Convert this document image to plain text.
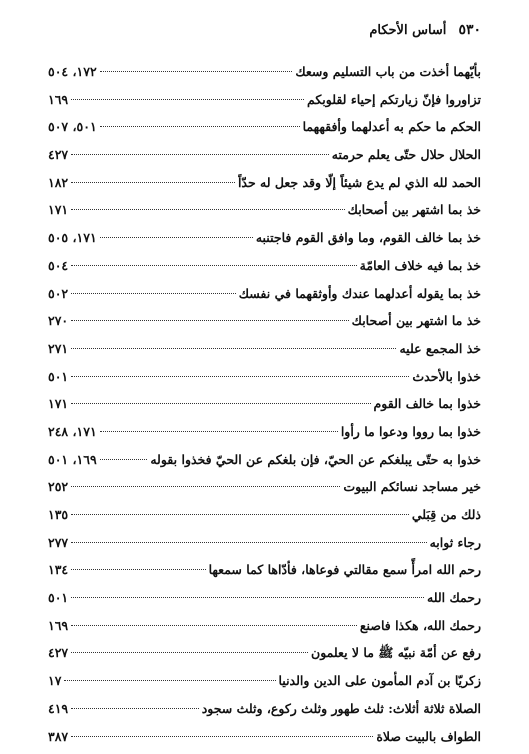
٥٣٠
أساس الأحكام
بأيّهما أخذت من باب التسليم وسعك
١٧٢، ٥٠٤
تزاوروا فإنّ زيارتكم إحياء لقلوبكم
١٦٩
الحكم ما حكم به أعدلهما وأفقههما
٥٠١، ٥٠٧
الحلال حلال حتّى يعلم حرمته
٤٢٧
الحمد لله الذي لم يدع شيئاً إلّا وقد جعل له حدّاً
١٨٢
خذ بما اشتهر بين أصحابك
١٧١
خذ بما خالف القوم، وما وافق القوم فاجتنبه
١٧١، ٥٠٥
خذ بما فيه خلاف العامّة
٥٠٤
خذ بما يقوله أعدلهما عندك وأوثقهما في نفسك
٥٠٢
خذ ما اشتهر بين أصحابك
٢٧٠
خذ المجمع عليه
٢٧١
خذوا بالأحدث
٥٠١
خذوا بما خالف القوم
١٧١
خذوا بما رووا ودعوا ما رأوا
١٧١، ٢٤٨
خذوا به حتّى يبلغكم عن الحيّ، فإن بلغكم عن الحيّ فخذوا بقوله
١٦٩، ٥٠١
خير مساجد نسائكم البيوت
٢٥٢
ذلك من قِبَلي
١٣٥
رجاء ثوابه
٢٧٧
رحم الله امرأً سمع مقالتي فوعاها، فأدّاها كما سمعها
١٣٤
رحمك الله
٥٠١
رحمك الله، هكذا فاصنع
١٦٩
رفع عن أمّة نبيّه ﷺ ما لا يعلمون
٤٢٧
زكريّا بن آدم المأمون على الدين والدنيا
١٧
الصلاة ثلاثة أثلاث: ثلث طهور وثلث ركوع، وثلث سجود
٤١٩
الطواف بالبيت صلاة
٣٨٧
